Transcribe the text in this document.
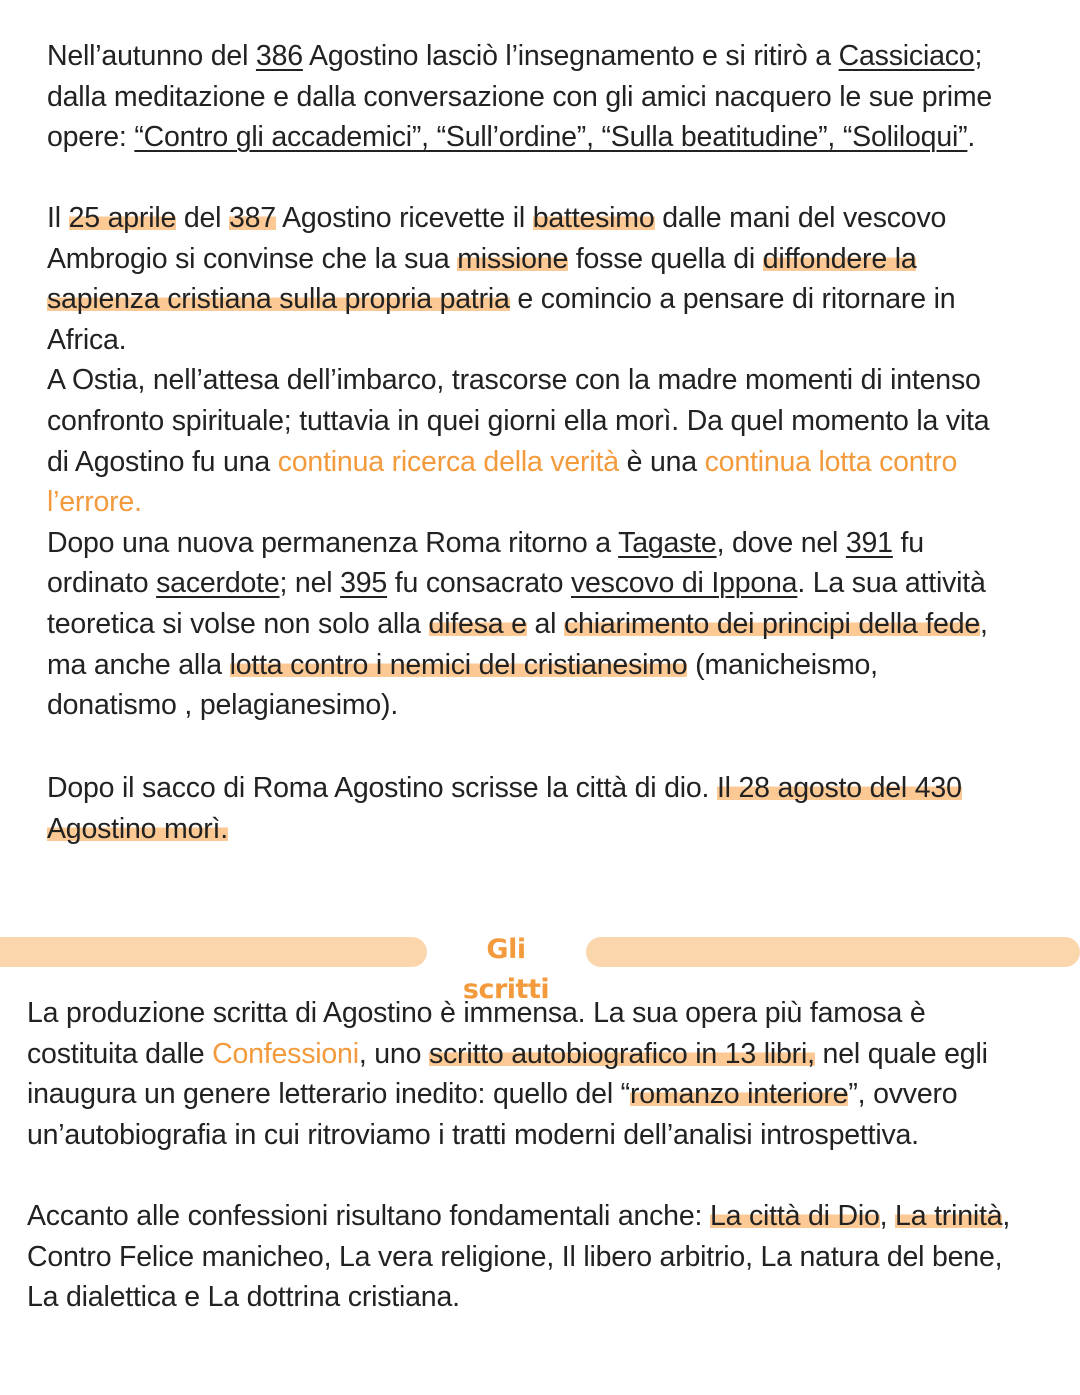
Nell’autunno del 386 Agostino lasciò l’insegnamento e si ritirò a Cassiciaco;
dalla meditazione e dalla conversazione con gli amici nacquero le sue prime
opere: “Contro gli accademici”, “Sull’ordine”, “Sulla beatitudine”, “Soliloqui”.
Il 25 aprile del 387 Agostino ricevette il battesimo dalle mani del vescovo
Ambrogio si convinse che la sua missione fosse quella di diffondere la
sapienza cristiana sulla propria patria e comincio a pensare di ritornare in
Africa.
A Ostia, nell’attesa dell’imbarco, trascorse con la madre momenti di intenso
confronto spirituale; tuttavia in quei giorni ella morì. Da quel momento la vita
di Agostino fu una continua ricerca della verità è una continua lotta contro
l’errore.
Dopo una nuova permanenza Roma ritorno a Tagaste, dove nel 391 fu
ordinato sacerdote; nel 395 fu consacrato vescovo di Ippona. La sua attività
teoretica si volse non solo alla difesa e al chiarimento dei principi della fede,
ma anche alla lotta contro i nemici del cristianesimo (manicheismo,
donatismo , pelagianesimo).
Dopo il sacco di Roma Agostino scrisse la città di dio. Il 28 agosto del 430
Agostino morì.
Gli scritti
La produzione scritta di Agostino è immensa. La sua opera più famosa è
costituita dalle Confessioni, uno scritto autobiografico in 13 libri, nel quale egli
inaugura un genere letterario inedito: quello del “romanzo interiore”, ovvero
un’autobiografia in cui ritroviamo i tratti moderni dell’analisi introspettiva.
Accanto alle confessioni risultano fondamentali anche: La città di Dio, La trinità,
Contro Felice manicheo, La vera religione, Il libero arbitrio, La natura del bene,
La dialettica e La dottrina cristiana.
